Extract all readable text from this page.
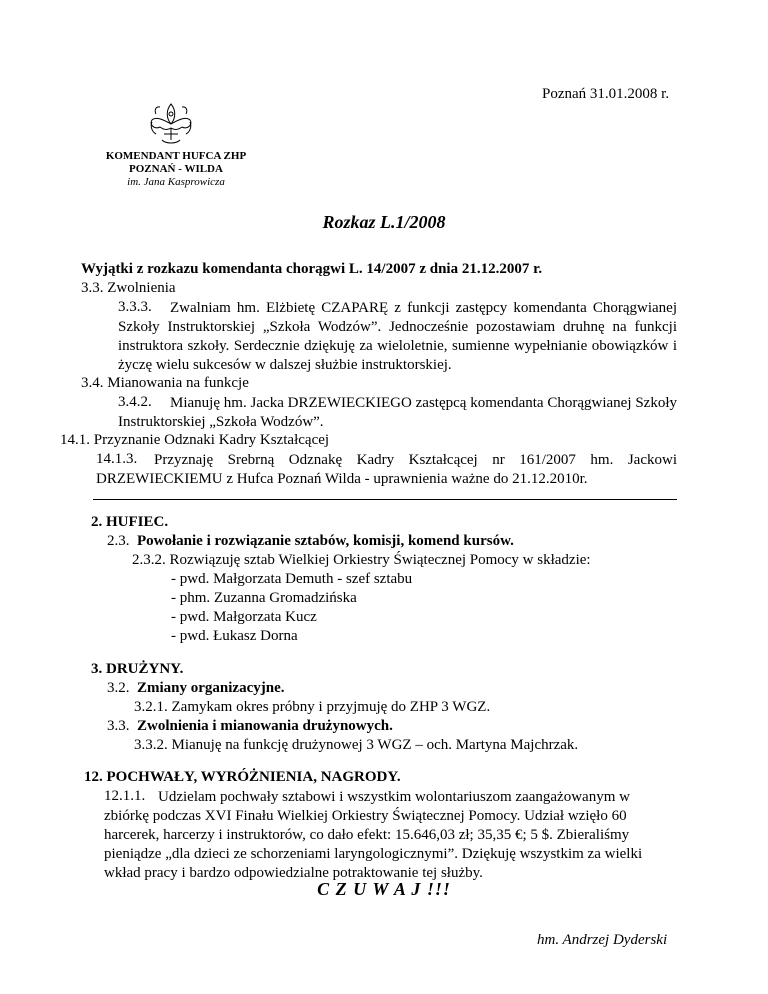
Poznań 31.01.2008 r.
KOMENDANT HUFCA ZHP
POZNAŃ - WILDA
im. Jana Kasprowicza
Rozkaz L.1/2008
Wyjątki z rozkazu komendanta chorągwi L. 14/2007 z dnia 21.12.2007 r.
3.3. Zwolnienia
3.3.3.	Zwalniam hm. Elżbietę CZAPARĘ z funkcji zastępcy komendanta Chorągwianej Szkoły Instruktorskiej „Szkoła Wodzów”. Jednocześnie pozostawiam druhnę na funkcji instruktora szkoły. Serdecznie dziękuję za wieloletnie, sumienne wypełnianie obowiązków i życzę wielu sukcesów w dalszej służbie instruktorskiej.
3.4. Mianowania na funkcje
3.4.2.	Mianuję hm. Jacka DRZEWIECKIEGO zastępcą komendanta Chorągwianej Szkoły Instruktorskiej „Szkoła Wodzów”.
14.1. Przyznanie Odznaki Kadry Kształcącej
14.1.3.	Przyznaję Srebrną Odznakę Kadry Kształcącej nr 161/2007 hm. Jackowi DRZEWIECKIEMU z Hufca Poznań Wilda - uprawnienia ważne do 21.12.2010r.
2. HUFIEC.
2.3. Powołanie i rozwiązanie sztabów, komisji, komend kursów.
2.3.2. Rozwiązuję sztab Wielkiej Orkiestry Świątecznej Pomocy w składzie:
- pwd. Małgorzata Demuth - szef sztabu
- phm. Zuzanna Gromadzińska
- pwd. Małgorzata Kucz
- pwd. Łukasz Dorna
3. DRUŻYNY.
3.2. Zmiany organizacyjne.
3.2.1. Zamykam okres próbny i przyjmuję do ZHP 3 WGZ.
3.3. Zwolnienia i mianowania drużynowych.
3.3.2. Mianuję na funkcję drużynowej 3 WGZ – och. Martyna Majchrzak.
12. POCHWAŁY, WYRÓŻNIENIA, NAGRODY.
12.1.1. Udzielam pochwały sztabowi i wszystkim wolontariuszom zaangażowanym w zbiórkę podczas XVI Finału Wielkiej Orkiestry Świątecznej Pomocy. Udział wzięło 60 harcerek, harcerzy i instruktorów, co dało efekt: 15.646,03 zł; 35,35 €; 5 $. Zbieraliśmy pieniądze „dla dzieci ze schorzeniami laryngologicznymi”. Dziękuję wszystkim za wielki wkład pracy i bardzo odpowiedzialne potraktowanie tej służby.
C Z U W A J !!!
hm. Andrzej Dyderski
